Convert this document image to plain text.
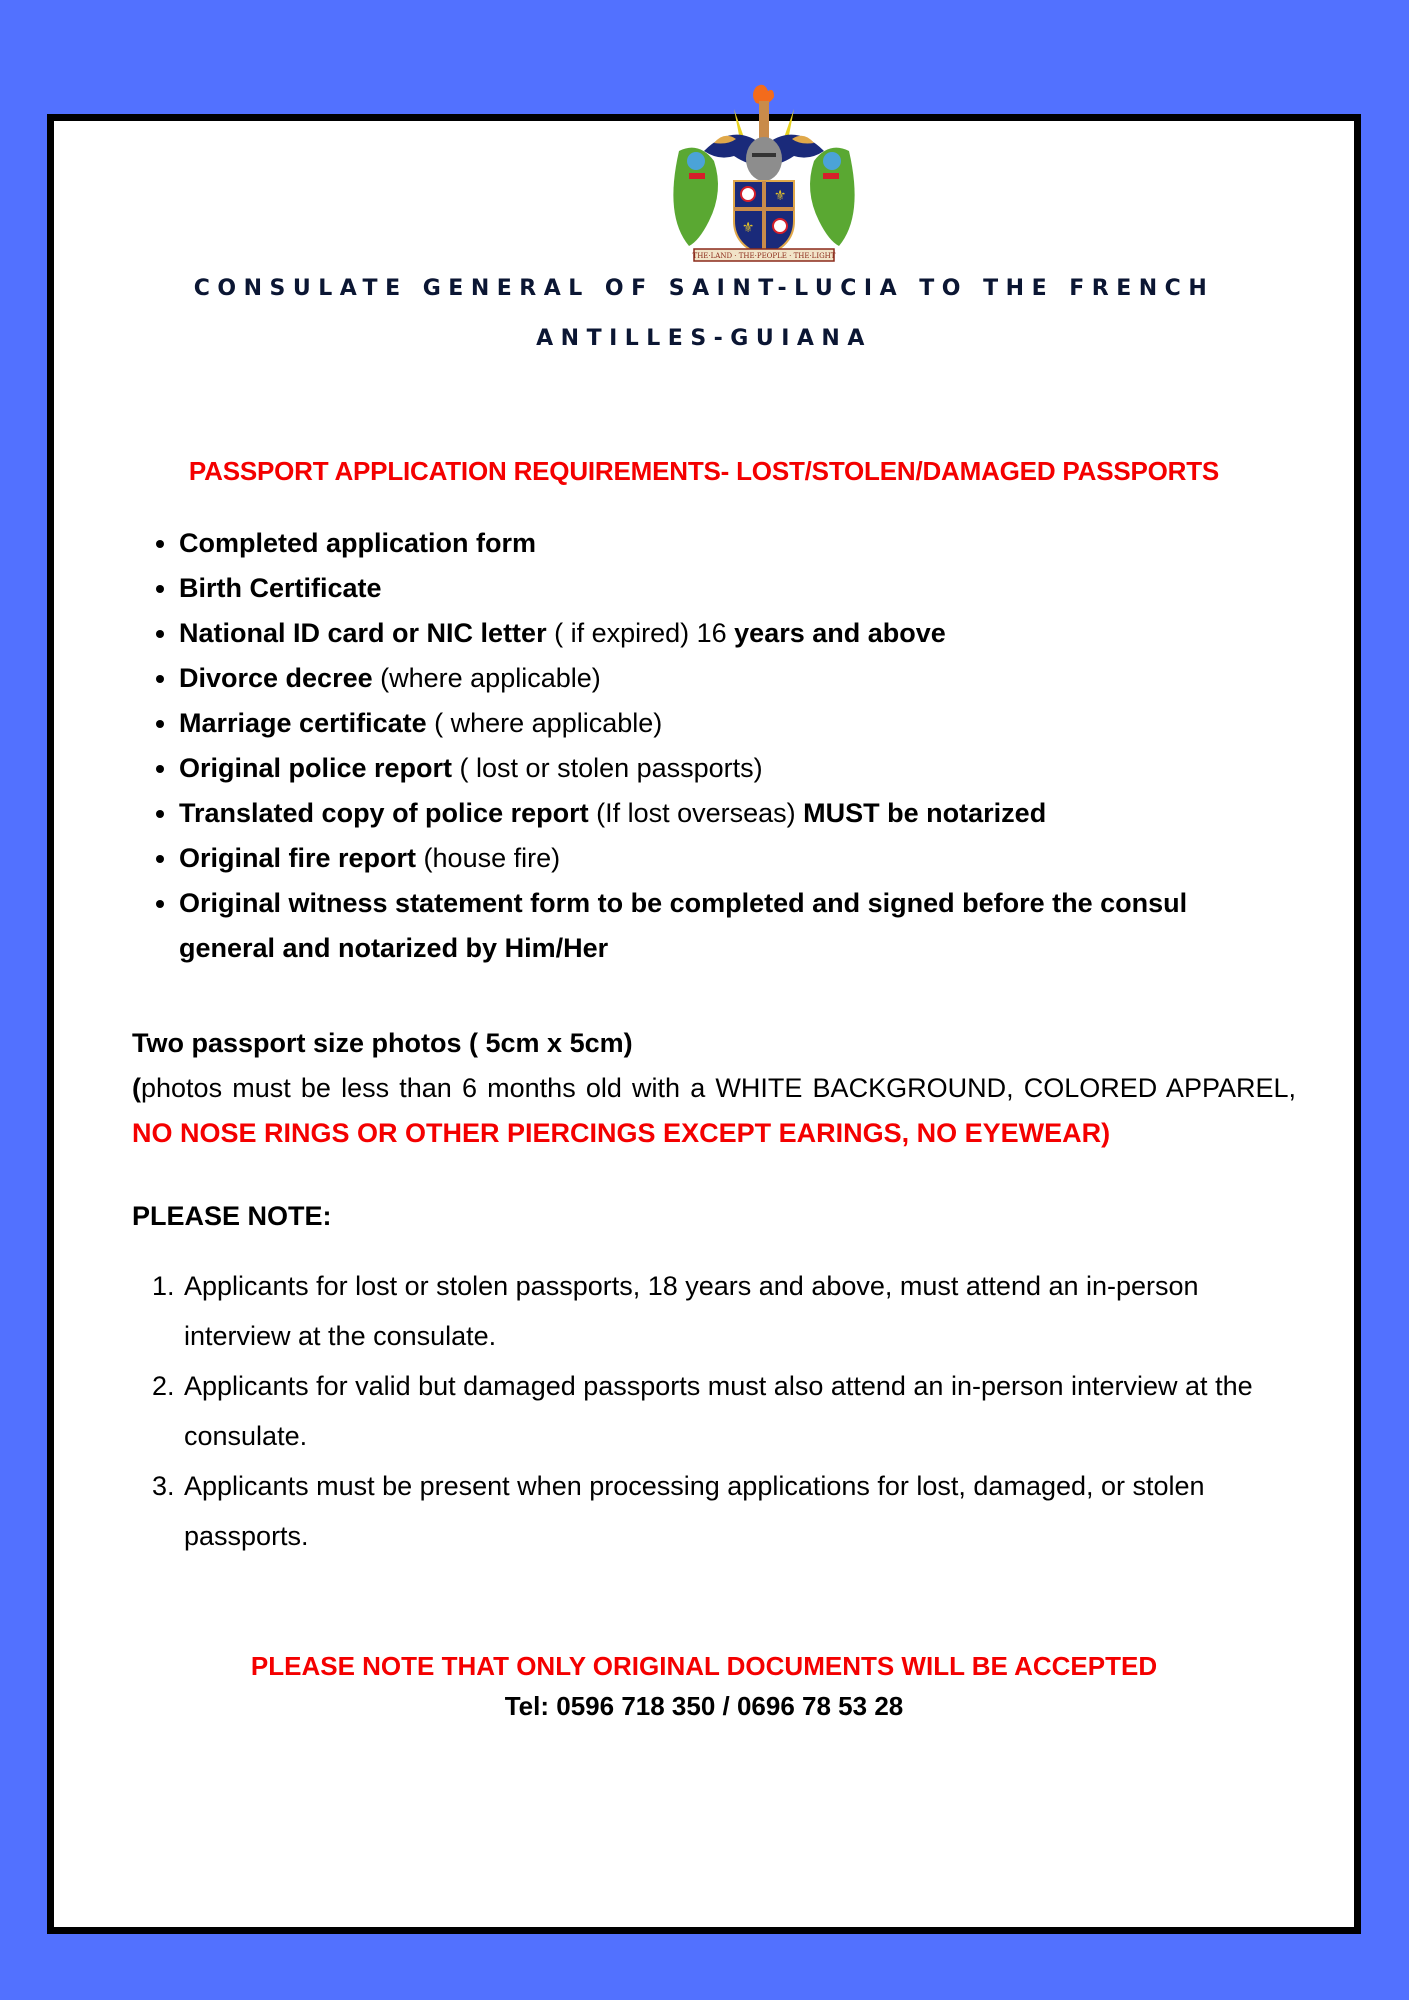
⚜
⚜
THE·LAND · THE·PEOPLE · THE·LIGHT
CONSULATE GENERAL OF SAINT-LUCIA TO THE FRENCH
ANTILLES-GUIANA
PASSPORT APPLICATION REQUIREMENTS- LOST/STOLEN/DAMAGED PASSPORTS
• Completed application form
• Birth Certificate
• National ID card or NIC letter ( if expired) 16 years and above
• Divorce decree (where applicable)
• Marriage certificate ( where applicable)
• Original police report ( lost or stolen passports)
• Translated copy of police report (If lost overseas) MUST be notarized
• Original fire report (house fire)
• Original witness statement form to be completed and signed before the consul general and notarized by Him/Her
Two passport size photos ( 5cm x 5cm)
(photos must be less than 6 months old with a WHITE BACKGROUND, COLORED APPAREL, NO NOSE RINGS OR OTHER PIERCINGS EXCEPT EARINGS, NO EYEWEAR)
PLEASE NOTE:
1. Applicants for lost or stolen passports, 18 years and above, must attend an in-person interview at the consulate.
2. Applicants for valid but damaged passports must also attend an in-person interview at the consulate.
3. Applicants must be present when processing applications for lost, damaged, or stolen passports.
PLEASE NOTE THAT ONLY ORIGINAL DOCUMENTS WILL BE ACCEPTED
Tel: 0596 718 350 / 0696 78 53 28
